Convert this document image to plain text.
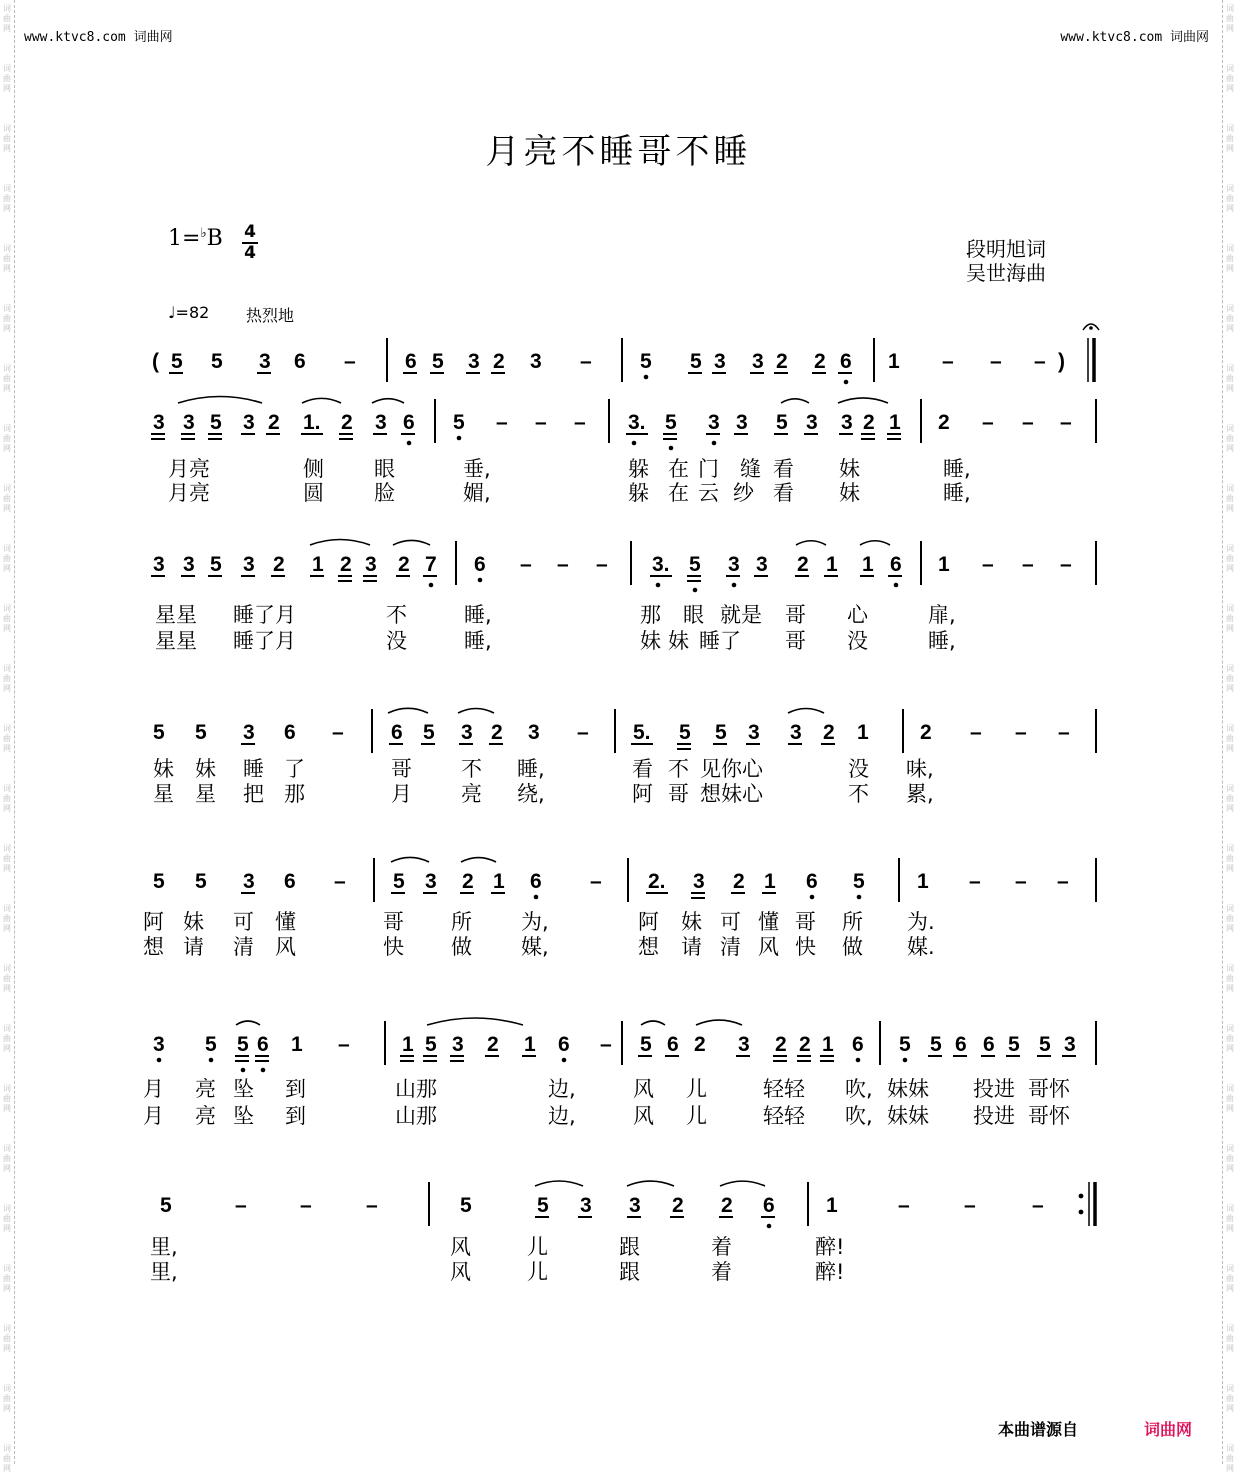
词
曲
网
词
曲
网
词
曲
网
词
曲
网
词
曲
网
词
曲
网
词
曲
网
词
曲
网
词
曲
网
词
曲
网
词
曲
网
词
曲
网
词
曲
网
词
曲
网
词
曲
网
词
曲
网
词
曲
网
词
曲
网
词
曲
网
词
曲
网
词
曲
网
词
曲
网
词
曲
网
词
曲
网
词
曲
网
词
曲
网
词
曲
网
词
曲
网
词
曲
网
词
曲
网
词
曲
网
词
曲
网
词
曲
网
词
曲
网
词
曲
网
词
曲
网
词
曲
网
词
曲
网
词
曲
网
词
曲
网
词
曲
网
词
曲
网
词
曲
网
词
曲
网
词
曲
网
词
曲
网
词
曲
网
词
曲
网
词
曲
网
词
曲
网
www.ktvc8.com 词曲网	www.ktvc8.com 词曲网
月亮不睡哥不睡
1=♭B 4
4	段明旭词
吴世海曲
♩=82 热烈地
( 5 5 3 6 – 6 5 3 2 3 – 5 5 3 3 2 2 6 1 – – – )
3 3 5 3 2 1. 2 3 6 5 – – – 3. 5 3 3 5 3 3 2 1 2 – – –
月亮	侧 眼	垂,	躲 在 门 缝 看 妹	睡,
月亮	圆 脸	媚,	躲 在 云 纱 看 妹	睡,
3 3 5 3 2 1 2 3 2 7 6 – – – 3. 5 3 3 2 1 1 6 1 – – –
星星 睡了月	不	睡,	那 眼 就是 哥 心	扉,
星星 睡了月	没	睡,	妹 妹 睡了 哥 没	睡,
5 5 3 6 – 6 5 3 2 3 – 5. 5 5 3 3 2 1 2 – – –
妹 妹 睡 了	哥 不 睡,	看 不 见你心	没 味,
星 星 把 那	月 亮 绕,	阿 哥 想妹心	不 累,
5 5 3 6 – 5 3 2 1 6 – 2. 3 2 1 6 5 1 – – –
阿 妹 可 懂	哥 所 为,	阿 妹 可 懂 哥 所 为.
想 请 清 风	快 做 媒,	想 请 清 风 快 做 媒.
3 5 5 6 1 – 1 5 3 2 1 6 – 5 6 2 3 2 2 1 6 5 5 6 6 5 5 3
月 亮 坠 到	山那	边,	风 儿	轻轻 吹, 妹妹 投进 哥怀
月 亮 坠 到	山那	边,	风 儿	轻轻 吹, 妹妹 投进 哥怀
5	–	–	–	5	5 3 3 2 2 6 1	–	–	–
里,	风	儿	跟	着	醉!
里,	风	儿	跟	着	醉!
本曲谱源自	词曲网
